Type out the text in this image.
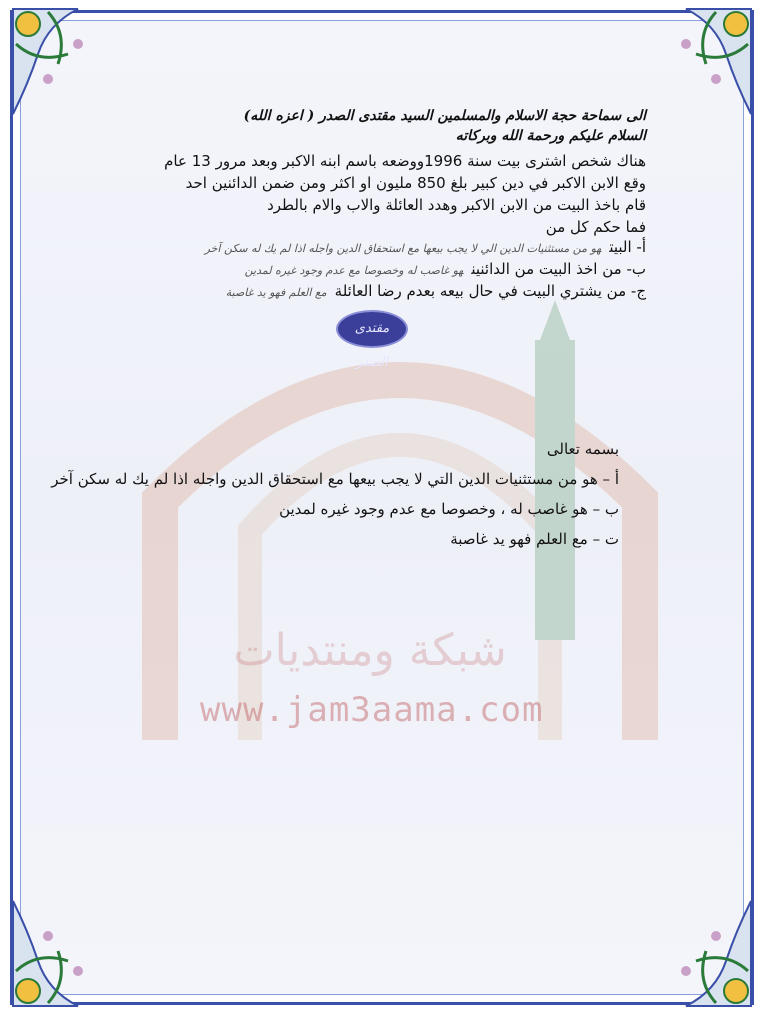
شبكة ومنتديات
www.jam3aama.com
الى سماحة حجة الاسلام والمسلمين السيد مقتدى الصدر ( اعزه الله)
السلام عليكم ورحمة الله وبركاته
هناك شخص اشترى بيت سنة 1996ووضعه باسم ابنه الاكبر وبعد مرور 13 عام
وقع الابن الاكبر في دين كبير بلغ 850 مليون او اكثر ومن ضمن الدائنين احد
قام باخذ البيت من الابن الاكبر وهدد العائلة والاب والام بالطرد
فما حكم كل من
أ- البيتهو من مستثنيات الدين الي لا يجب بيعها مع استحقاق الدين واجله اذا لم يك له سكن آخر
ب- من اخذ البيت من الدائنينهو غاصب له وخصوصا مع عدم وجود غيره لمدين
ج- من يشتري البيت في حال بيعه بعدم رضا العائلةمع العلم فهو يد غاصبة
مقتدى الصدر
بسمه تعالى
أ – هو من مستثنيات الدين التي لا يجب بيعها مع استحقاق الدين واجله اذا لم يك له سكن آخر
ب – هو غاصب له ، وخصوصا مع عدم وجود غيره لمدين
ت – مع العلم فهو يد غاصبة
